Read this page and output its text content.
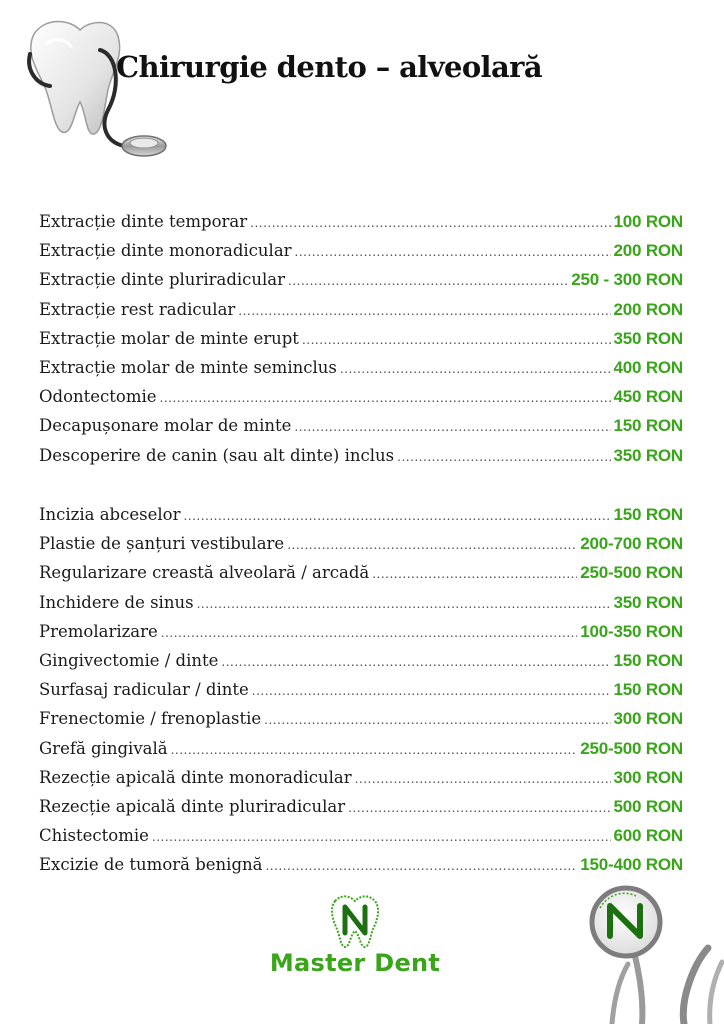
Chirurgie dento – alveolară
Extracție dinte temporar .....	100 RON
Extracție dinte monoradicular .....	200 RON
Extracție dinte pluriradicular .....	250 - 300 RON
Extracție rest radicular .....	200 RON
Extracție molar de minte erupt .....	350 RON
Extracție molar de minte seminclus .....	400 RON
Odontectomie .....	450 RON
Decapușonare molar de minte .....	150 RON
Descoperire de canin (sau alt dinte) inclus .....	350 RON
Incizia abceselor .....	150 RON
Plastie de șanțuri vestibulare .....	200-700 RON
Regularizare creastă alveolară / arcadă .....	250-500 RON
Inchidere de sinus .....	350 RON
Premolarizare .....	100-350 RON
Gingivectomie / dinte .....	150 RON
Surfasaj radicular / dinte .....	150 RON
Frenectomie / frenoplastie .....	300 RON
Grefă gingivală .....	250-500 RON
Rezecție apicală dinte monoradicular .....	300 RON
Rezecție apicală dinte pluriradicular .....	500 RON
Chistectomie .....	600 RON
Excizie de tumoră benignă .....	150-400 RON
Master Dent
